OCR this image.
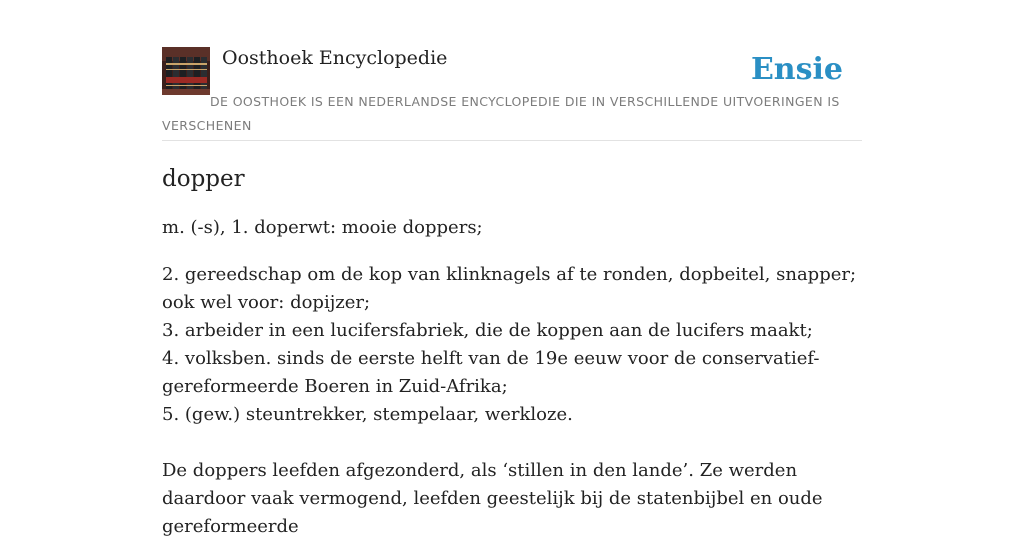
Oosthoek Encyclopedie	Ensie
DE OOSTHOEK IS EEN NEDERLANDSE ENCYCLOPEDIE DIE IN VERSCHILLENDE UITVOERINGEN IS VERSCHENEN
dopper

m. (-s), 1. doperwt: mooie doppers;

2. gereedschap om de kop van klinknagels af te ronden, dopbeitel, snapper; ook wel voor: dopijzer;

3. arbeider in een lucifersfabriek, die de koppen aan de lucifers maakt;

4. volksben. sinds de eerste helft van de 19e eeuw voor de conservatief-gereformeerde Boeren in Zuid-Afrika;

5. (gew.) steuntrekker, stempelaar, werkloze.

De doppers leefden afgezonderd, als ‘stillen in den lande’. Ze werden daardoor vaak vermogend, leefden geestelijk bij de statenbijbel en oude gereformeerde
